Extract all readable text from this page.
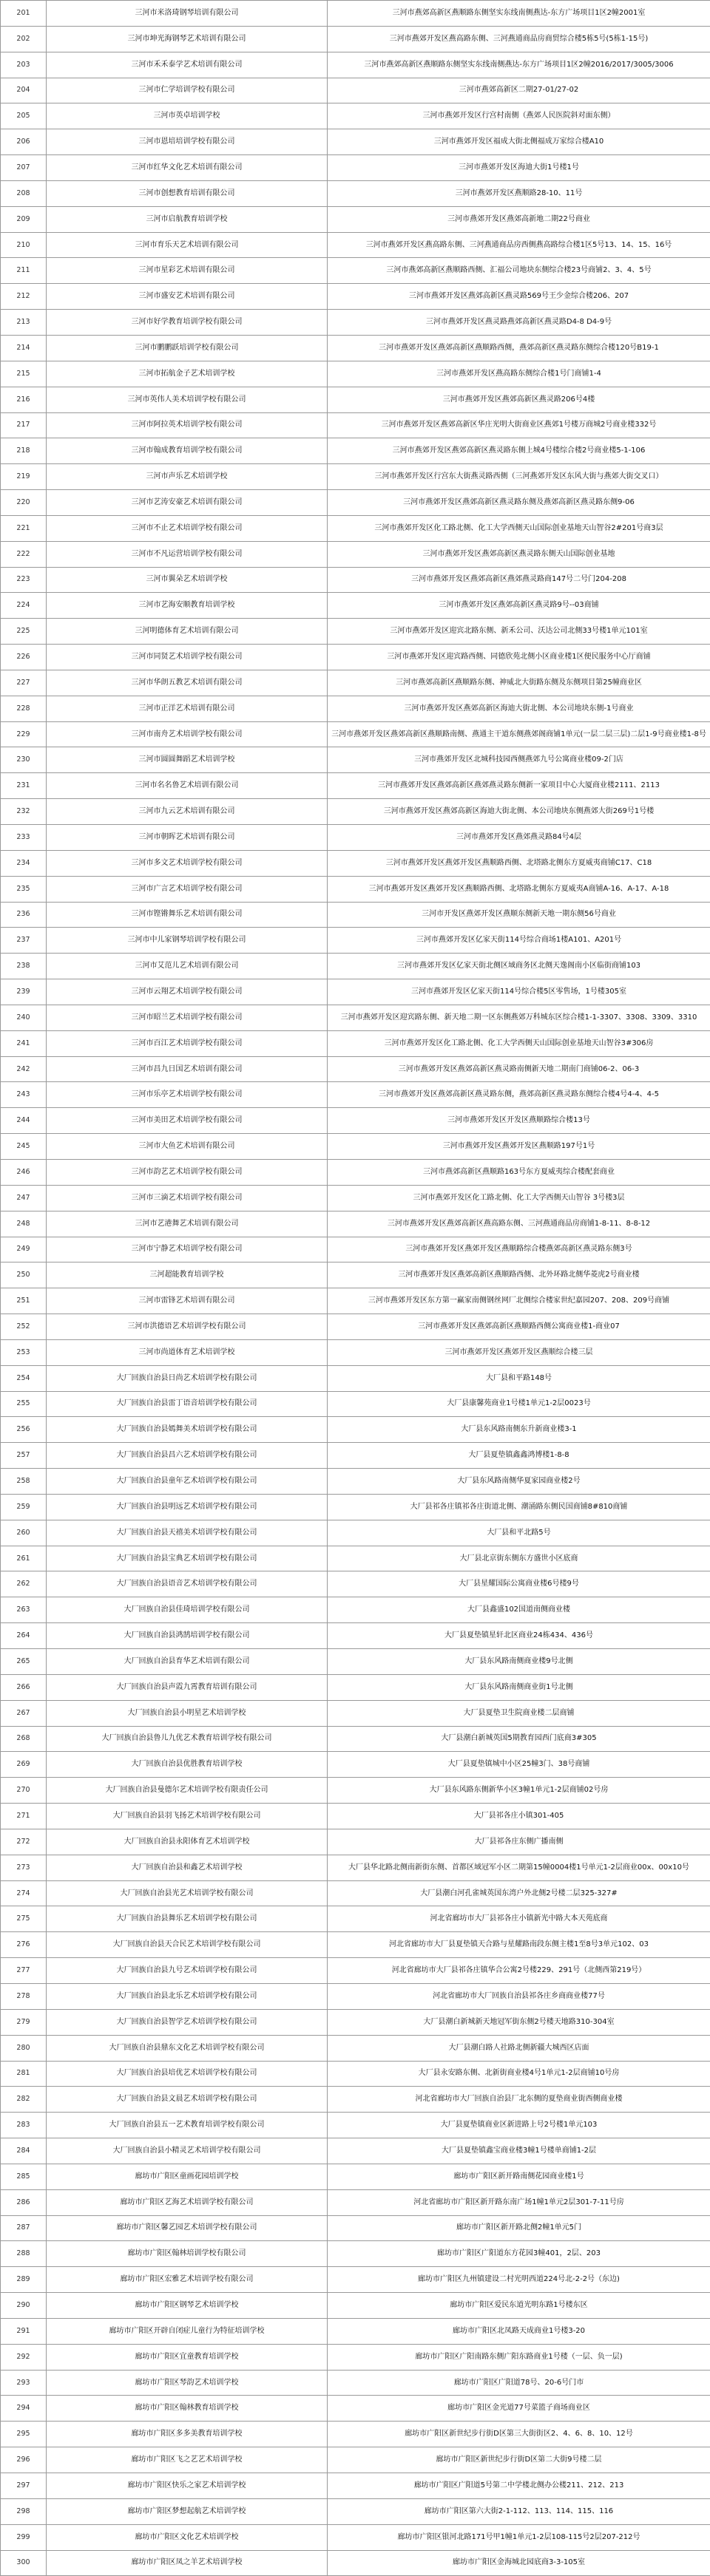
201	三河市米洛琦钢琴培训有限公司	三河市燕郊高新区燕顺路东侧坚实东线南侧燕达-东方广场项目1区2幢2001室
202	三河市坤光海钢琴艺术培训有限公司	三河市燕郊开发区燕高路东侧、三河燕通商品房商贸综合楼5栋5号(5栋1-15号)
203	三河市禾禾泰学艺术培训有限公司	三河市燕郊高新区燕顺路东侧坚实东线南侧燕达-东方广场项目1区2幢2016/2017/3005/3006
204	三河市仁学培训学校有限公司	三河市燕郊高新区二期27-01/27-02
205	三河市英卓培训学校	三河市燕郊开发区行宫村南侧（燕郊人民医院斜对面东侧）
206	三河市恩培培训学校有限公司	三河市燕郊开发区福成大街北侧福成万家综合楼A10
207	三河市红华文化艺术培训有限公司	三河市燕郊开发区海迪大街1号楼1号
208	三河市创想教育培训有限公司	三河市燕郊开发区燕顺路28-10、11号
209	三河市启航教育培训学校	三河市燕郊开发区燕郊高新地二期22号商业
210	三河市育乐天艺术培训有限公司	三河市燕郊开发区燕高路东侧、三河燕通商品房西侧燕高路综合楼1区5号13、14、15、16号
211	三河市星彩艺术培训有限公司	三河市燕郊高新区燕顺路西侧、汇福公司地块东侧综合楼23号商铺2、3、4、5号
212	三河市盛安艺术培训有限公司	三河市燕郊开发区燕郊高新区燕灵路569号王少金综合楼206、207
213	三河市好学教育培训学校有限公司	三河市燕郊开发区燕灵路燕郊高新区燕灵路D4-8 D4-9号
214	三河市鹏鹏跃培训学校有限公司	三河市燕郊开发区燕郊高新区燕顺路西侧，燕郊高新区燕灵路东侧综合楼120号B19-1
215	三河市拓航金子艺术培训学校	三河市燕郊开发区燕高路东侧综合楼1号门商铺1-4
216	三河市英伟人美术培训学校有限公司	三河市燕郊开发区燕郊高新区燕灵路206号4楼
217	三河市阿拉英术培训学校有限公司	三河市燕郊开发区燕郊高新区华庄光明大街商业区燕郊1号楼万商城2号商业楼332号
218	三河市翰成教育培训学校有限公司	三河市燕郊开发区燕郊高新区燕灵路东侧上城4号楼综合楼2号商业楼5-1-106
219	三河市声乐艺术培训学校	三河市燕郊开发区行宫东大街燕灵路西侧（三河燕郊开发区东风大街与燕郊大街交叉口）
220	三河市艺涛安豪艺术培训有限公司	三河市燕郊开发区燕郊高新区燕灵路东侧及燕郊高新区燕灵路东侧9-06
221	三河市不止艺术培训学校有限公司	三河市燕郊开发区化工路北侧、化工大学西侧天山国际创业基地天山智谷2#201号商3层
222	三河市不凡运营培训学校有限公司	三河市燕郊开发区燕郊高新区燕灵路东侧天山国际创业基地
223	三河市翼朵艺术培训学校	三河市燕郊开发区燕郊高新区燕郊燕灵路商147号二号门204-208
224	三河市艺海安顺教育培训学校	三河市燕郊开发区燕郊高新区燕灵路9号--03商铺
225	三河明德体育艺术培训有限公司	三河市燕郊开发区迎宾北路东侧、新禾公司、沃达公司北侧33号楼1单元101室
226	三河市同贤艺术培训学校有限公司	三河市燕郊开发区迎宾路西侧、同德欣苑北侧小区商业楼1区便民服务中心厅商铺
227	三河市华朗五教艺术培训有限公司	三河市燕郊高新区燕顺路东侧、神威北大街路东侧及东侧项目第25幢商业区
228	三河市正洋艺术培训有限公司	三河市燕郊开发区燕郊高新区海迪大街北侧、本公司地块东侧-1号商业
229	三河市南舟艺术培训学校有限公司	三河市燕郊开发区燕郊高新区燕顺路南侧、燕通主干道东侧燕郊阁商铺1单元(一层二层三层)二层1-9号商业楼1-8号
230	三河市圆圆舞蹈艺术培训学校	三河市燕郊开发区北城科技园西侧燕郊九号公寓商业楼09-2门店
231	三河市名名鲁艺术培训有限公司	三河市燕郊开发区燕郊高新区燕郊燕灵路东侧新一家项目中心大厦商业楼2111、2113
232	三河市九云艺术培训有限公司	三河市燕郊开发区燕郊高新区海迪大街北侧、本公司地块东侧燕郊大街269号1号楼
233	三河市朝晖艺术培训有限公司	三河市燕郊开发区燕郊燕灵路84号4层
234	三河市多文艺术培训学校有限公司	三河市燕郊开发区燕郊开发区燕顺路西侧、北塔路北侧东方夏威夷商铺C17、C18
235	三河市广言艺术培训学校有限公司	三河市燕郊开发区燕郊开发区燕顺路西侧、北塔路北侧东方夏威夷A商铺A-16、A-17、A-18
236	三河市铿锵舞乐艺术培训有限公司	三河市开发区燕郊开发区燕顺东侧新天地一期东侧56号商业
237	三河市中儿家钢琴培训学校有限公司	三河市燕郊开发区亿家天街114号综合商场1楼A101、A201号
238	三河市艾范儿艺术培训有限公司	三河市燕郊开发区亿家天街北侧区域商务区北侧天逸阁南小区临街商铺103
239	三河市云翔艺术培训学校有限公司	三河市燕郊开发区亿家天街114号综合楼5区零售场，1号楼305室
240	三河市昭兰艺术培训学校有限公司	三河市燕郊开发区迎宾路东侧、新天地二期一区东侧燕郊万科城东区综合楼1-1-3307、3308、3309、3310
241	三河市百江艺术培训学校有限公司	三河市燕郊开发区化工路北侧、化工大学西侧天山国际创业基地天山智谷3#306房
242	三河市昌九日国艺术培训有限公司	三河市燕郊开发区燕郊高新区燕灵路南侧新天地二期南门商铺06-2、06-3
243	三河市乐亭艺术培训学校有限公司	三河市燕郊开发区燕郊高新区燕灵路东侧，燕郊高新区燕灵路东侧综合楼4号4-4、4-5
244	三河市美田艺术培训学校有限公司	三河市燕郊开发区开发区燕顺路综合楼13号
245	三河市大鱼艺术培训有限公司	三河市燕郊开发区燕郊开发区燕顺路197号1号
246	三河市韵艺艺术培训学校有限公司	三河市燕郊高新区燕顺路163号东方夏威夷综合楼配套商业
247	三河市三滴艺术培训学校有限公司	三河市燕郊开发区化工路北侧、化工大学西侧天山智谷 3号楼3层
248	三河市艺港舞艺术培训有限公司	三河市燕郊开发区燕郊高新区燕高路东侧、三河燕通商品房商铺1-8-11、8-8-12
249	三河市宁静艺术培训学校有限公司	三河市燕郊开发区燕郊开发区燕顺路综合楼燕郊高新区燕灵路东侧3号
250	三河超能教育培训学校	三河市燕郊开发区燕郊高新区燕顺路西侧、北外环路北侧华菱虎2号商业楼
251	三河市雷锋艺术培训有限公司	三河市燕郊开发区东方第一赢家南侧钢丝网厂北侧综合楼家世纪嘉园207、208、209号商铺
252	三河市洪德语艺术培训学校有限公司	三河市燕郊开发区燕郊高新区燕顺路西侧公寓商业楼1-商业07
253	三河市尚道体育艺术培训学校	三河市燕郊开发区燕郊开发区燕顺综合楼三层
254	大厂回族自治县日尚艺术培训学校有限公司	大厂县和平路148号
255	大厂回族自治县雷丁语音培训学校有限公司	大厂县康馨苑商业1号楼1单元1-2层0023号
256	大厂回族自治县嫣舞美术培训学校有限公司	大厂县东风路南侧东升新商业楼3-1
257	大厂回族自治县昌六艺术培训学校有限公司	大厂县夏垫镇鑫鑫鸿博楼1-8-8
258	大厂回族自治县童年艺术培训学校有限公司	大厂县东风路南侧华夏家园商业楼2号
259	大厂回族自治县明远艺术培训学校有限公司	大厂县祁各庄镇祁各庄街道北侧、潮涌路东侧民国商铺8#810商铺
260	大厂回族自治县天禧美术培训学校有限公司	大厂县和平北路5号
261	大厂回族自治县宝典艺术培训学校有限公司	大厂县北京街东侧东方盛世小区底商
262	大厂回族自治县语音艺术培训学校有限公司	大厂县星耀国际公寓商业楼6号楼9号
263	大厂回族自治县佳琦培训学校有限公司	大厂县鑫盛102国道南侧商业楼
264	大厂回族自治县鸿鹄培训学校有限公司	大厂县夏垫镇星轩北区商业24栋434、436号
265	大厂回族自治县育华艺术培训有限公司	大厂县东风路南侧商业楼9号北侧
266	大厂回族自治县声霞九霄教育培训有限公司	大厂县东风路南侧商业街1号北侧
267	大厂回族自治县小明星艺术培训学校	大厂县夏垫卫生院商业楼二层商铺
268	大厂回族自治县鲁儿九优艺术教育培训学校有限公司	大厂县潮白新城英国5期教育园西门底商3#305
269	大厂回族自治县优胜教育培训学校	大厂县夏垫镇城中小区25幢3门、38号商铺
270	大厂回族自治县曼德尔艺术培训学校有限责任公司	大厂县东风路东侧新华小区3幢1单元1-2层商铺02号房
271	大厂回族自治县羽飞扬艺术培训学校有限公司	大厂县祁各庄小镇301-405
272	大厂回族自治县永阳体育艺术培训学校	大厂县祁各庄东侧广播南侧
273	大厂回族自治县和鑫艺术培训学校	大厂县华北路北侧南新街东侧、首都区域冠军小区二期第15幢0004楼1号单元1-2层商业00x、00x10号
274	大厂回族自治县光艺术培训学校有限公司	大厂县潮白河孔雀城英国东湾户外北侧2号楼二层325-327#
275	大厂回族自治县舞乐艺术培训学校有限公司	河北省廊坊市大厂县祁各庄小镇新光中路大本天苑底商
276	大厂回族自治县天合民艺术培训学校有限公司	河北省廊坊市大厂县夏垫镇天合路与星耀路南段东侧主楼1至8号3单元102、03
277	大厂回族自治县九号艺术培训学校有限公司	河北省廊坊市大厂县祁各庄镇华合公寓2号楼229、291号（北侧西第219号）
278	大厂回族自治县北乐艺术培训学校有限公司	河北省廊坊市大厂回族自治县祁各庄乡商商业楼77号
279	大厂回族自治县智学艺术培训学校有限公司	大厂县潮白新城新天地冠军街东侧2号楼天地路310-304室
280	大厂回族自治县鼎东文化艺术培训学校有限公司	大厂县潮白路人社路北侧新疆大城西区店面
281	大厂回族自治县培优艺术培训学校有限公司	大厂县永安路东侧、北新街商业楼4号1单元1-2层商铺10号房
282	大厂回族自治县文晨艺术培训学校有限公司	河北省廊坊市大厂回族自治县厂北东侧的夏垫商业街西侧商业楼
283	大厂回族自治县五一艺术教育培训学校有限公司	大厂县夏垫镇商业区新进路上号2号楼1单元103
284	大厂回族自治县小精灵艺术培训学校有限公司	大厂县夏垫镇鑫宝商业楼3幢1号楼单商铺1-2层
285	廊坊市广阳区童画花园培训学校	廊坊市广阳区新开路南侧花园商业楼1号
286	廊坊市广阳区艺海艺术培训学校有限公司	河北省廊坊市广阳区新开路东南广场1幢1单元2层301-7-11号房
287	廊坊市广阳区馨艺园艺术培训学校有限公司	廊坊市广阳区新开路北侧2幢1单元5门
288	廊坊市广阳区翰林培训学校有限公司	廊坊市广阳区广阳道东方花园3幢401，2层、203
289	廊坊市广阳区宏雅艺术培训学校有限公司	廊坊市广阳区九州镇建设二村光明西道224号北-2-2号（东边)
290	廊坊市广阳区钢琴艺术培训学校	廊坊市广阳区爱民东道光明东路1号楼东区
291	廊坊市广阳区开辟自闭症儿童行为特征培训学校	廊坊市广阳区北凤路天成商业1号楼3-20
292	廊坊市广阳区宜童教育培训学校	廊坊市广阳区广阳南路东侧广阳东路商业1号楼（一层、负一层)
293	廊坊市广阳区琴韵艺术培训学校	廊坊市广阳区广阳道78号、20-6号门市
294	廊坊市广阳区翰林教育培训学校	廊坊市广阳区金光道77号菜篮子商场商业区
295	廊坊市广阳区多多美教育培训学校	廊坊市广阳区新世纪步行街D区第三大街街区2、4、6、8、10、12号
296	廊坊市广阳区飞之艺艺术培训学校	廊坊市广阳区新世纪步行街D区第二大街9号楼二层
297	廊坊市广阳区快乐之家艺术培训学校	廊坊市广阳区广阳道5号第二中学楼北侧办公楼211、212、213
298	廊坊市广阳区梦想起航艺术培训学校	廊坊市广阳区第六大街2-1-112、113、114、115、116
299	廊坊市广阳区文化艺术培训学校	廊坊市广阳区银河北路171号甲1幢1单元1-2层108-115号2层207-212号
300	廊坊市广阳区凤之羊艺术培训学校	廊坊市广阳区金海城北园底商3-3-105室
